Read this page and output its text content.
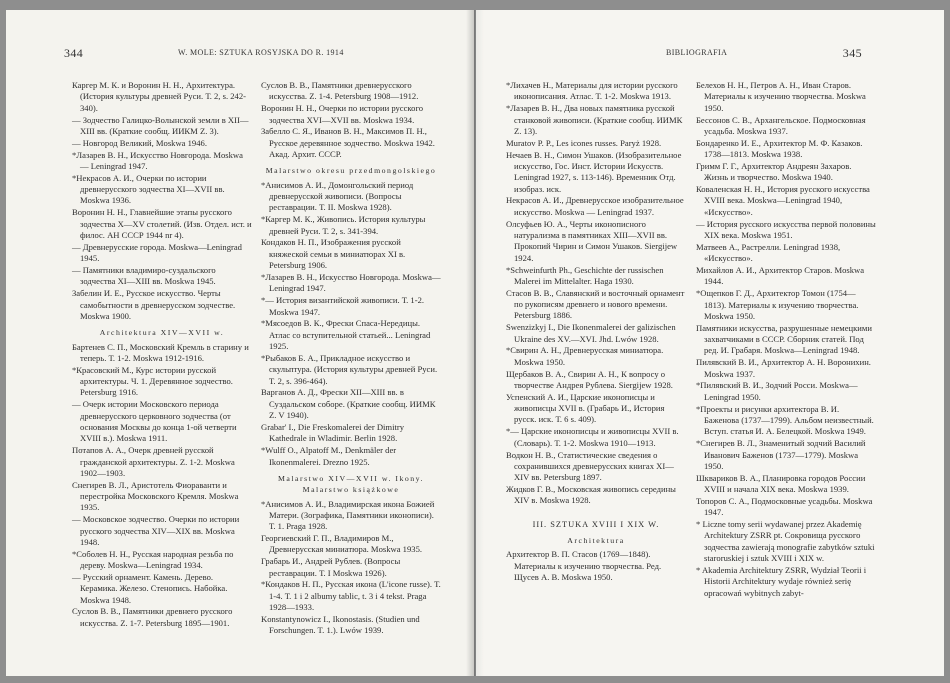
344	W. MOLE: SZTUKA ROSYJSKA DO R. 1914

Каргер М. К. и Воронин Н. Н., Архитектура. (История культуры древней Руси. Т. 2, s. 242-340).

— Зодчество Галицко-Волынской земли в XII—XIII вв. (Краткие сообщ. ИИКМ Z. 3).

— Новгород Великий, Moskwa 1946.

*Лазарев В. Н., Искусство Новгорода. Moskwa — Leningrad 1947.

*Некрасов А. И., Очерки по истории древнерусского зодчества XI—XVII вв. Moskwa 1936.

Воронин Н. Н., Главнейшие этапы русского зодчества X—XV столетий. (Изв. Отдел. ист. и филос. АН СССР 1944 nr 4).

— Древнерусские города. Moskwa—Leningrad 1945.

— Памятники владимиро-суздальского зодчества XI—XIII вв. Moskwa 1945.

Забелин И. Е., Русское искусство. Черты самобытности в древнерусском зодчестве. Moskwa 1900.

Architektura XIV—XVII w.

Бартенев С. П., Московский Кремль в старину и теперь. Т. 1-2. Moskwa 1912-1916.

*Красовский М., Курс истории русской архитектуры. Ч. 1. Деревянное зодчество. Petersburg 1916.

— Очерк истории Московского периода древнерусского церковного зодчества (от основания Москвы до конца 1-ой четверти XVIII в.). Moskwa 1911.

Потапов А. А., Очерк древней русской гражданской архитектуры. Z. 1-2. Moskwa 1902—1903.

Снегирев В. Л., Аристотель Фиораванти и перестройка Московского Кремля. Moskwa 1935.

— Московское зодчество. Очерки по истории русского зодчества XIV—XIX вв. Moskwa 1948.

*Соболев Н. Н., Русская народная резьба по дереву. Moskwa—Leningrad 1934.

— Русский орнамент. Камень. Дерево. Керамика. Железо. Стенопись. Набойка. Moskwa 1948.

Суслов В. В., Памятники древнего русского искусства. Z. 1-7. Petersburg 1895—1901.

Суслов В. В., Памятники древнерусского искусства. Z. 1-4. Petersburg 1908—1912.

Воронин Н. Н., Очерки по истории русского зодчества XVI—XVII вв. Moskwa 1934.

Забелло С. Я., Иванов В. Н., Максимов П. Н., Русское деревянное зодчество. Moskwa 1942. Акад. Архит. СССР.

Malarstwo okresu przedmongolskiego

*Анисимов А. И., Домонгольский период древнерусской живописи. (Вопросы реставрации. Т. II. Moskwa 1928).

*Каргер М. К., Живопись. История культуры древней Руси. Т. 2, s. 341-394.

Кондаков Н. П., Изображения русской княжеской семьи в миниатюрах XI в. Petersburg 1906.

*Лазарев В. Н., Искусство Новгорода. Moskwa—Leningrad 1947.

*— История византийской живописи. Т. 1-2. Moskwa 1947.

*Мясоедов В. К., Фрески Спаса-Нередицы. Атлас со вступительной статьей... Leningrad 1925.

*Рыбаков Б. А., Прикладное искусство и скульптура. (История культуры древней Руси. Т. 2, s. 396-464).

Варганов А. Д., Фрески XII—XIII вв. в Суздальском соборе. (Краткие сообщ. ИИМК Z. V 1940).

Grabar' I., Die Freskomalerei der Dimitry Kathedrale in Wladimir. Berlin 1928.

*Wulff O., Alpatoff M., Denkmäler der Ikonenmalerei. Drezno 1925.

Malarstwo XIV—XVII w. Ikony. Malarstwo książkowe

*Анисимов А. И., Владимирская икона Божией Матери. (Зографика, Памятники иконописи). Т. 1. Praga 1928.

Георгиевский Г. П., Владимиров М., Древнерусская миниатюра. Moskwa 1935.

Грабарь И., Андрей Рублев. (Вопросы реставрации. Т. I Moskwa 1926).

*Кондаков Н. П., Русская икона (L'icone russe). Т. 1-4. Т. 1 i 2 albumy tablic, t. 3 i 4 tekst. Praga 1928—1933.

Konstantynowicz I., Ikonostasis. (Studien und Forschungen. T. 1.). Lwów 1939.

BIBLIOGRAFIA	345

*Лихачев Н., Материалы для истории русского иконописания. Атлас. Т. 1-2. Moskwa 1913.

*Лазарев В. Н., Два новых памятника русской станковой живописи. (Краткие сообщ. ИИМК Z. 13).

Muratov P. P., Les icones russes. Paryż 1928.

Нечаев В. Н., Симон Ушаков. (Изобразительное искусство, Гос. Инст. Истории Искусств. Leningrad 1927, s. 113-146). Временник Отд. изобраз. иск.

Некрасов А. И., Древнерусское изобразительное искусство. Moskwa — Leningrad 1937.

Олсуфьев Ю. А., Черты иконописного натурализма в памятниках XIII—XVII вв. Прокопий Чирин и Симон Ушаков. Siergijew 1924.

*Schweinfurth Ph., Geschichte der russischen Malerei im Mittelalter. Haga 1930.

Стасов В. В., Славянский и восточный орнамент по рукописям древнего и нового времени. Petersburg 1886.

Swenzizkyj I., Die Ikonenmalerei der galizischen Ukraine des XV.—XVI. Jhd. Lwów 1928.

*Свирин А. Н., Древнерусская миниатюра. Moskwa 1950.

Щербаков В. А., Свирин А. Н., К вопросу о творчестве Андрея Рублева. Siergijew 1928.

Успенский А. И., Царские иконописцы и живописцы XVII в. (Грабарь И., История русск. иск. Т. 6 s. 409).

*— Царские иконописцы и живописцы XVII в. (Словарь). Т. 1-2. Moskwa 1910—1913.

Водкон Н. В., Статистические сведения о сохранившихся древнерусских книгах XI—XIV вв. Petersburg 1897.

Жидков Г. В., Московская живопись середины XIV в. Moskwa 1928.

III. SZTUKA XVIII I XIX W.

Architektura

Архитектор В. П. Стасов (1769—1848). Материалы к изучению творчества. Ред. Щусев А. В. Moskwa 1950.

Белехов Н. Н., Петров А. Н., Иван Старов. Материалы к изучению творчества. Moskwa 1950.

Бессонов С. В., Архангельское. Подмосковная усадьба. Moskwa 1937.

Бондаренко И. Е., Архитектор М. Ф. Казаков. 1738—1813. Moskwa 1938.

Гримм Г. Г., Архитектор Андреян Захаров. Жизнь и творчество. Moskwa 1940.

Коваленская Н. Н., История русского искусства XVIII века. Moskwa—Leningrad 1940, «Искусство».

— История русского искусства первой половины XIX века. Moskwa 1951.

Матвеев А., Растрелли. Leningrad 1938, «Искусство».

Михайлов А. И., Архитектор Старов. Moskwa 1944.

*Ощепков Г. Д., Архитектор Томон (1754—1813). Материалы к изучению творчества. Moskwa 1950.

Памятники искусства, разрушенные немецкими захватчиками в СССР. Сборник статей. Под ред. И. Грабаря. Moskwa—Leningrad 1948.

Пилявский В. И., Архитектор А. Н. Воронихин. Moskwa 1937.

*Пилявский В. И., Зодчий Росси. Moskwa—Leningrad 1950.

*Проекты и рисунки архитектора В. И. Баженова (1737—1799). Альбом неизвестный. Вступ. статья И. А. Белецкой. Moskwa 1949.

*Снегирев В. Л., Знаменитый зодчий Василий Иванович Баженов (1737—1779). Moskwa 1950.

Шквариков В. А., Планировка городов России XVIII и начала XIX века. Moskwa 1939.

Топоров С. А., Подмосковные усадьбы. Moskwa 1947.

* Liczne tomy serii wydawanej przez Akademię Architektury ZSRR pt. Сокровища русского зодчества zawierają monografie zabytków sztuki staroruskiej i sztuk XVIII i XIX w.

* Akademia Architektury ZSRR, Wydział Teorii i Historii Architektury wydaje również serię opracowań wybitnych zabyt-
